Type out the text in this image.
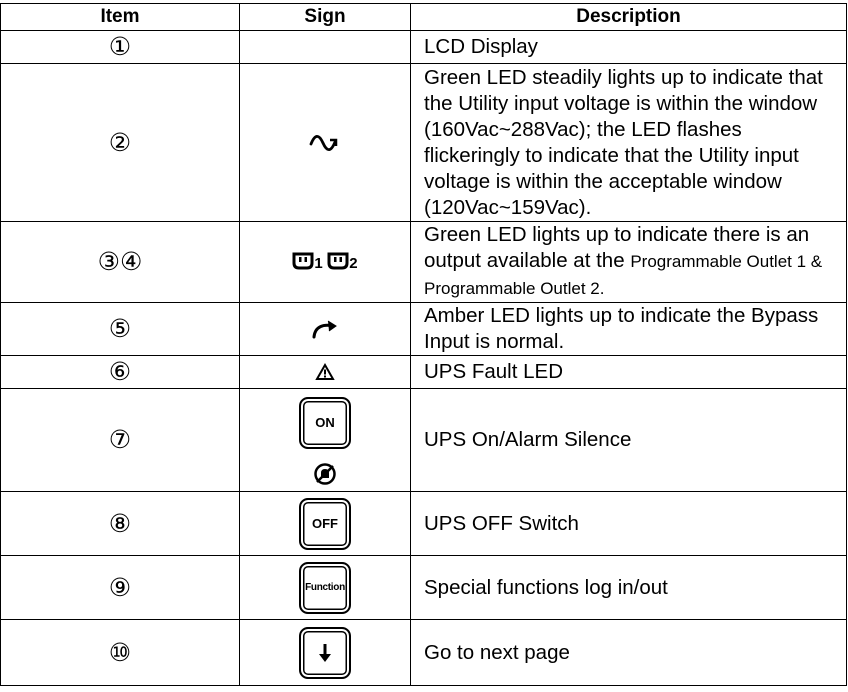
Item	Sign	Description
①		LCD Display
②		Green LED steadily lights up to indicate that the Utility input voltage is within the window (160Vac~288Vac); the LED flashes flickeringly to indicate that the Utility input voltage is within the acceptable window (120Vac~159Vac).
③④	1 2	Green LED lights up to indicate there is an output available at the Programmable Outlet 1 & Programmable Outlet 2.
⑤		Amber LED lights up to indicate the Bypass Input is normal.
⑥		UPS Fault LED
⑦	ON	UPS On/Alarm Silence
⑧	OFF	UPS OFF Switch
⑨	Function	Special functions log in/out
⑩		Go to next page
